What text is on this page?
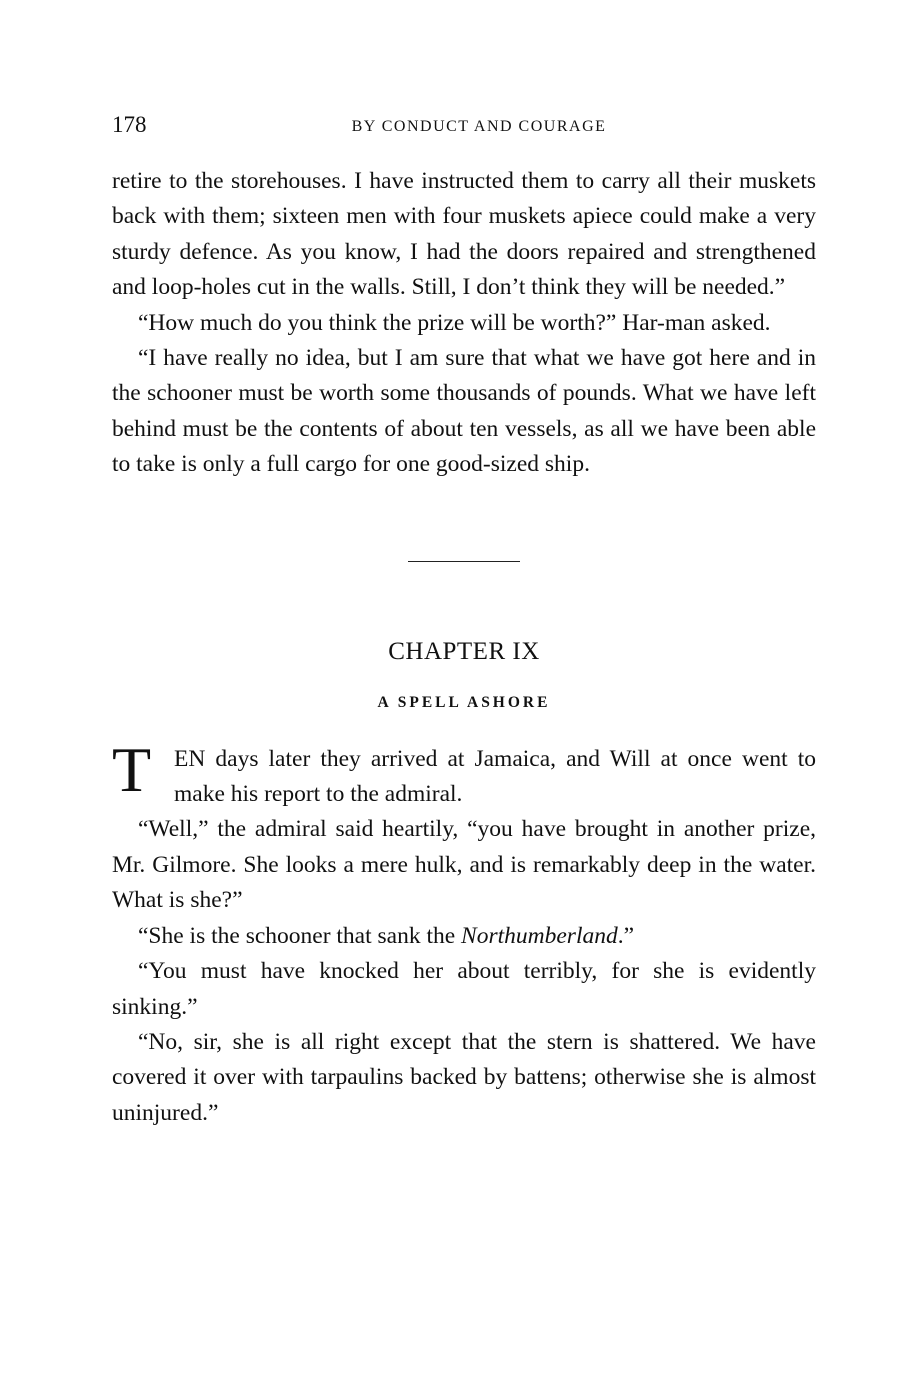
178	BY CONDUCT AND COURAGE

retire to the storehouses. I have instructed them to carry all their muskets back with them; sixteen men with four muskets apiece could make a very sturdy defence. As you know, I had the doors repaired and strengthened and loop-holes cut in the walls. Still, I don’t think they will be needed.”

“How much do you think the prize will be worth?” Har-man asked.

“I have really no idea, but I am sure that what we have got here and in the schooner must be worth some thousands of pounds. What we have left behind must be the contents of about ten vessels, as all we have been able to take is only a full cargo for one good-sized ship.

CHAPTER IX
A SPELL ASHORE
T EN days later they arrived at Jamaica, and Will at once went to make his report to the admiral.

“Well,” the admiral said heartily, “you have brought in another prize, Mr. Gilmore. She looks a mere hulk, and is remarkably deep in the water. What is she?”

“She is the schooner that sank the Northumberland.”

“You must have knocked her about terribly, for she is evidently sinking.”

“No, sir, she is all right except that the stern is shattered. We have covered it over with tarpaulins backed by battens; otherwise she is almost uninjured.”
